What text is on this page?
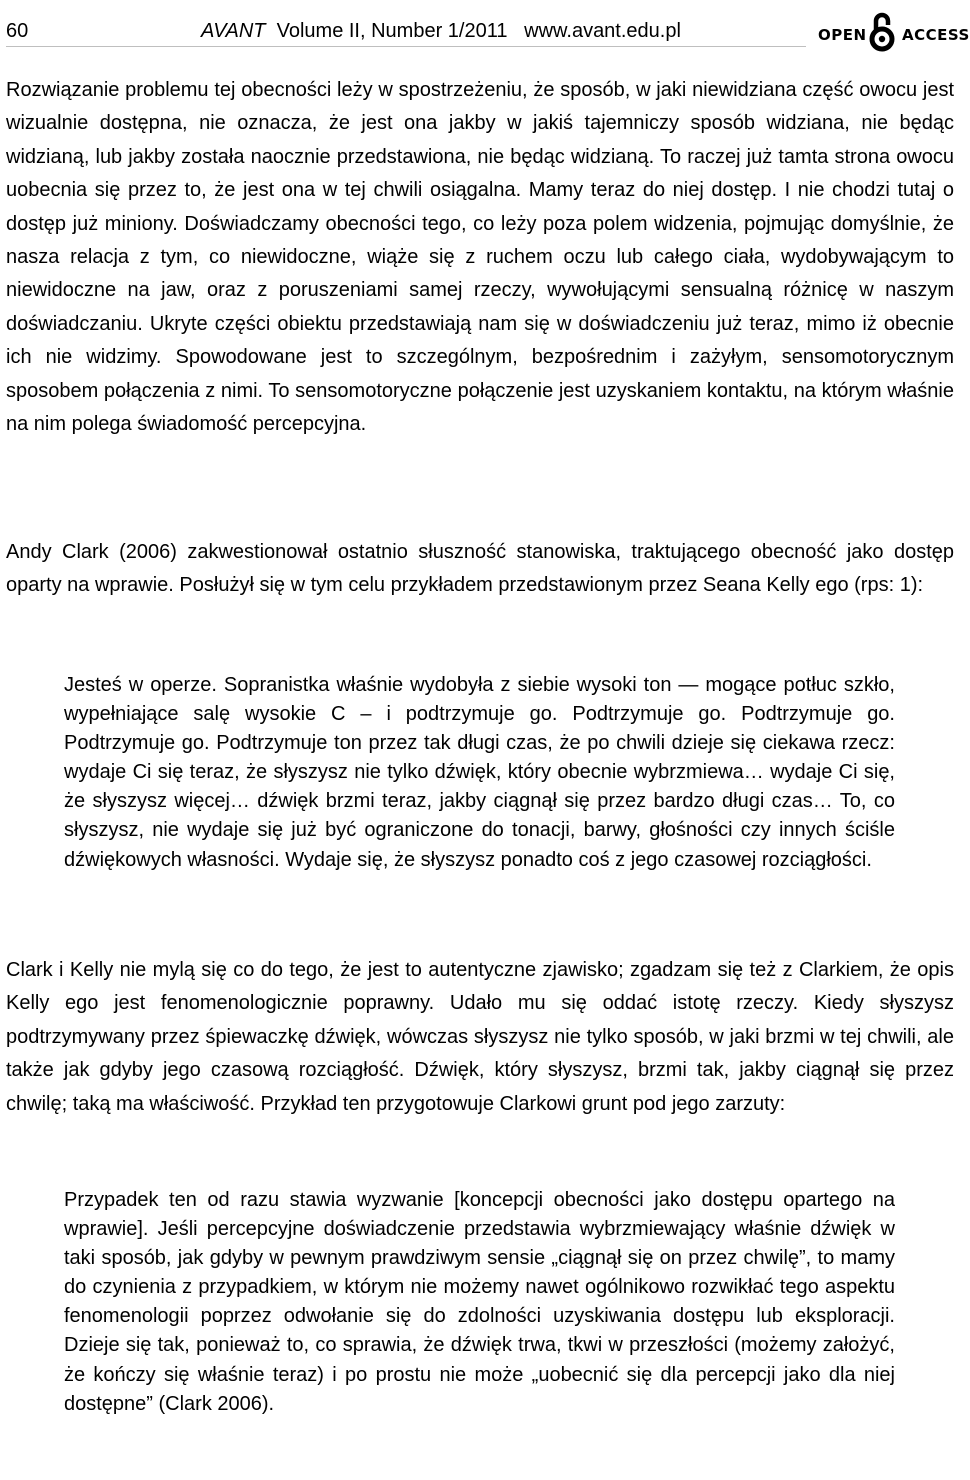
60	AVANT Volume II, Number 1/2011 www.avant.edu.pl	OPEN ACCESS

Rozwiązanie problemu tej obecności leży w spostrzeżeniu, że sposób, w jaki niewidziana część owocu jest wizualnie dostępna, nie oznacza, że jest ona jakby w jakiś tajemniczy sposób widziana, nie będąc widzianą, lub jakby została naocznie przedstawiona, nie będąc widzianą. To raczej już tamta strona owocu uobecnia się przez to, że jest ona w tej chwili osiągalna. Mamy teraz do niej dostęp. I nie chodzi tutaj o dostęp już miniony. Doświadczamy obecności tego, co leży poza polem widzenia, pojmując domyślnie, że nasza relacja z tym, co niewidoczne, wiąże się z ruchem oczu lub całego ciała, wydobywającym to niewidoczne na jaw, oraz z poruszeniami samej rzeczy, wywołującymi sensualną różnicę w naszym doświadczaniu. Ukryte części obiektu przedstawiają nam się w doświadczeniu już teraz, mimo iż obecnie ich nie widzimy. Spowodowane jest to szczególnym, bezpośrednim i zażyłym, sensomotorycznym sposobem połączenia z nimi. To sensomotoryczne połączenie jest uzyskaniem kontaktu, na którym właśnie na nim polega świadomość percepcyjna.

Andy Clark (2006) zakwestionował ostatnio słuszność stanowiska, traktującego obecność jako dostęp oparty na wprawie. Posłużył się w tym celu przykładem przedstawionym przez Seana Kelly ego (rps: 1):

Jesteś w operze. Sopranistka właśnie wydobyła z siebie wysoki ton — mogące potłuc szkło, wypełniające salę wysokie C – i podtrzymuje go. Podtrzymuje go. Podtrzymuje go. Podtrzymuje go. Podtrzymuje ton przez tak długi czas, że po chwili dzieje się ciekawa rzecz: wydaje Ci się teraz, że słyszysz nie tylko dźwięk, który obecnie wybrzmiewa… wydaje Ci się, że słyszysz więcej… dźwięk brzmi teraz, jakby ciągnął się przez bardzo długi czas… To, co słyszysz, nie wydaje się już być ograniczone do tonacji, barwy, głośności czy innych ściśle dźwiękowych własności. Wydaje się, że słyszysz ponadto coś z jego czasowej rozciągłości.

Clark i Kelly nie mylą się co do tego, że jest to autentyczne zjawisko; zgadzam się też z Clarkiem, że opis Kelly ego jest fenomenologicznie poprawny. Udało mu się oddać istotę rzeczy. Kiedy słyszysz podtrzymywany przez śpiewaczkę dźwięk, wówczas słyszysz nie tylko sposób, w jaki brzmi w tej chwili, ale także jak gdyby jego czasową rozciągłość. Dźwięk, który słyszysz, brzmi tak, jakby ciągnął się przez chwilę; taką ma właściwość. Przykład ten przygotowuje Clarkowi grunt pod jego zarzuty:

Przypadek ten od razu stawia wyzwanie [koncepcji obecności jako dostępu opartego na wprawie]. Jeśli percepcyjne doświadczenie przedstawia wybrzmiewający właśnie dźwięk w taki sposób, jak gdyby w pewnym prawdziwym sensie „ciągnął się on przez chwilę”, to mamy do czynienia z przypadkiem, w którym nie możemy nawet ogólnikowo rozwikłać tego aspektu fenomenologii poprzez odwołanie się do zdolności uzyskiwania dostępu lub eksploracji. Dzieje się tak, ponieważ to, co sprawia, że dźwięk trwa, tkwi w przeszłości (możemy założyć, że kończy się właśnie teraz) i po prostu nie może „uobecnić się dla percepcji jako dla niej dostępne” (Clark 2006).
